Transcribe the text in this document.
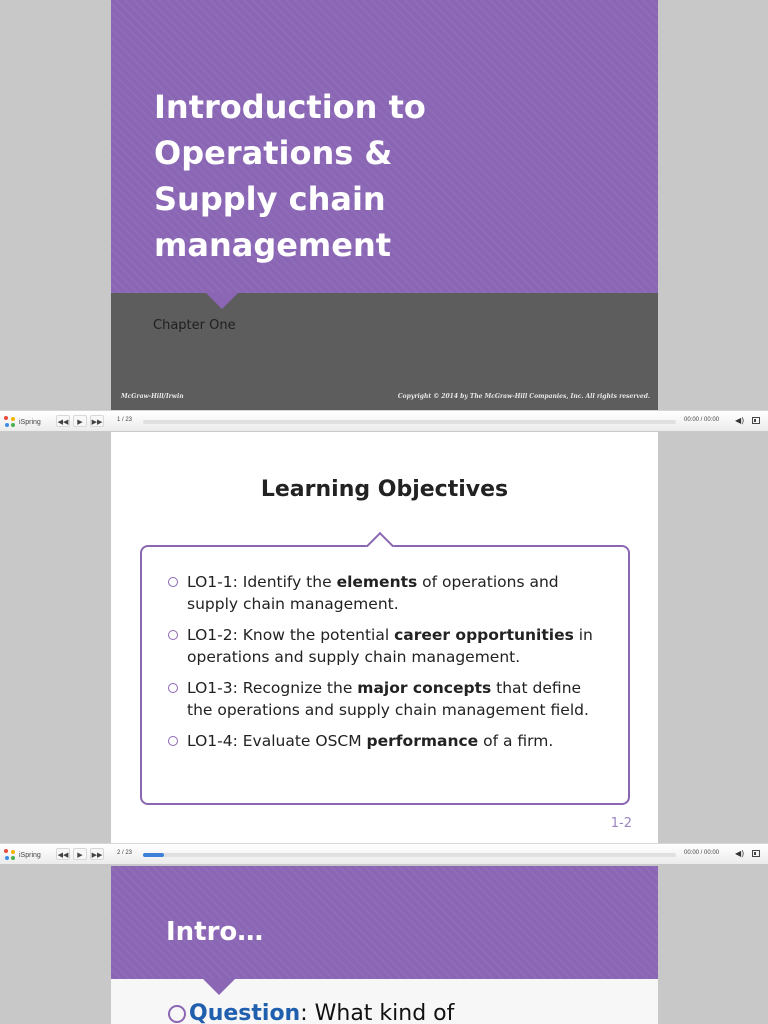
Introduction to
Operations &
Supply chain
management
Chapter One
McGraw-Hill/Irwin	Copyright © 2014 by The McGraw-Hill Companies, Inc. All rights reserved.
iSpring ◀◀	▶	▶▶ 1 / 23	00:00 / 00:00 ◀)
Learning Objectives
LO1-1: Identify the elements of operations and supply chain management.
LO1-2: Know the potential career opportunities in operations and supply chain management.
LO1-3: Recognize the major concepts that define the operations and supply chain management field.
LO1-4: Evaluate OSCM performance of a firm.
1-2
iSpring ◀◀	▶	▶▶ 2 / 23	00:00 / 00:00 ◀)
Intro…
Question: What kind of
